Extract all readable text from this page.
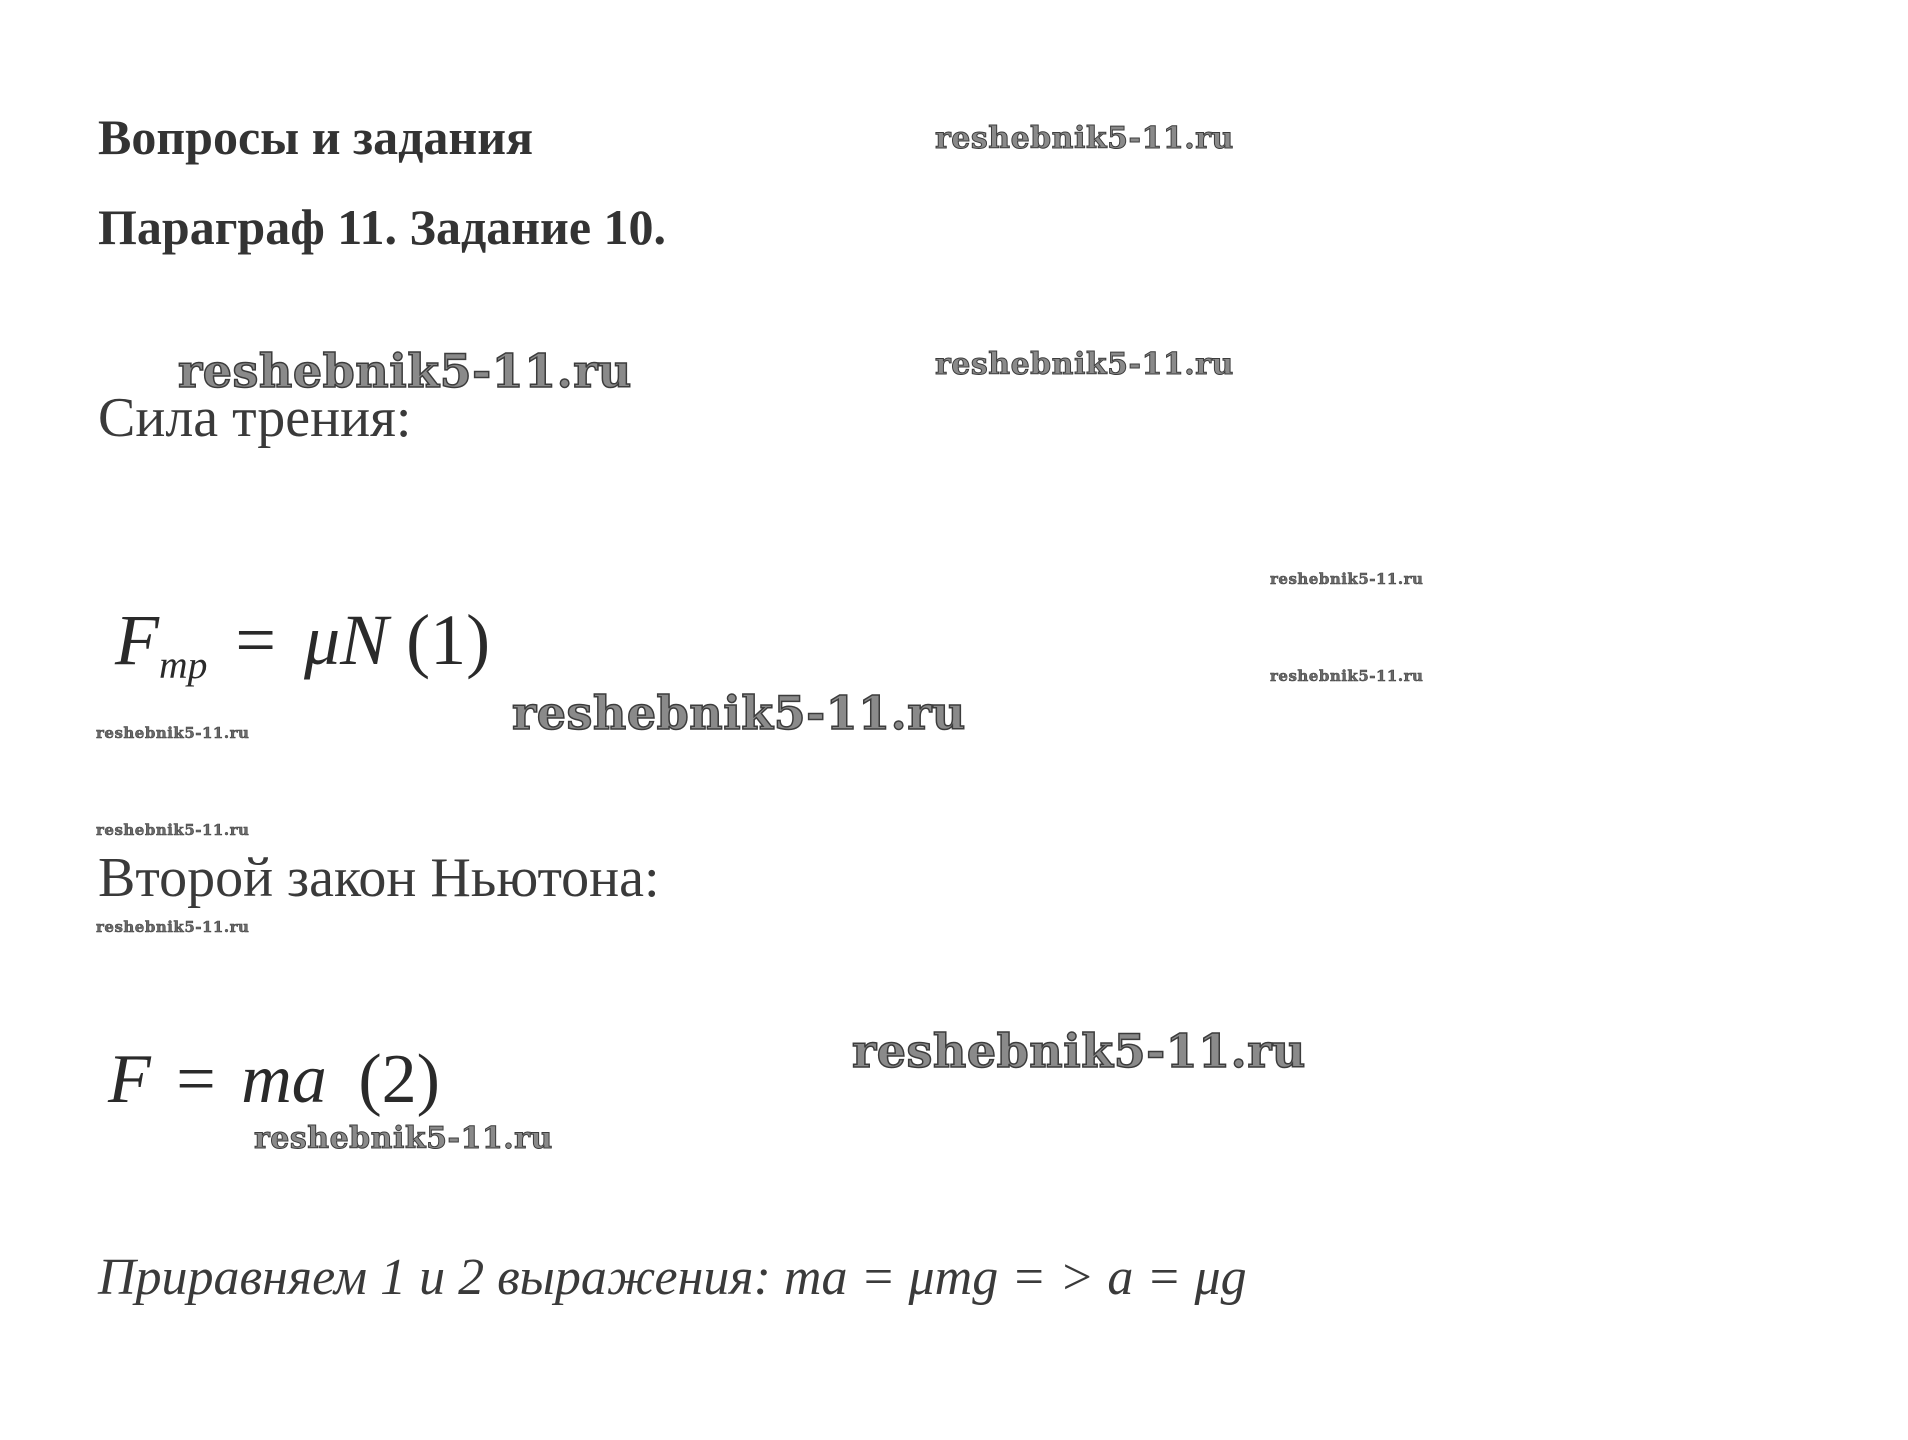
Вопросы и задания
Параграф 11. Задание 10.
Сила трения:
$F_{тр} = \mu N$ (1)
Второй закон Ньютона:
F = ma (2)
Приравняем 1 и 2 выражения: ma = μmg = > a = μg
reshebnik5-11.ru
reshebnik5-11.ru	reshebnik5-11.ru
reshebnik5-11.ru
reshebnik5-11.ru
reshebnik5-11.ru
reshebnik5-11.ru
reshebnik5-11.ru
reshebnik5-11.ru
reshebnik5-11.ru
reshebnik5-11.ru
